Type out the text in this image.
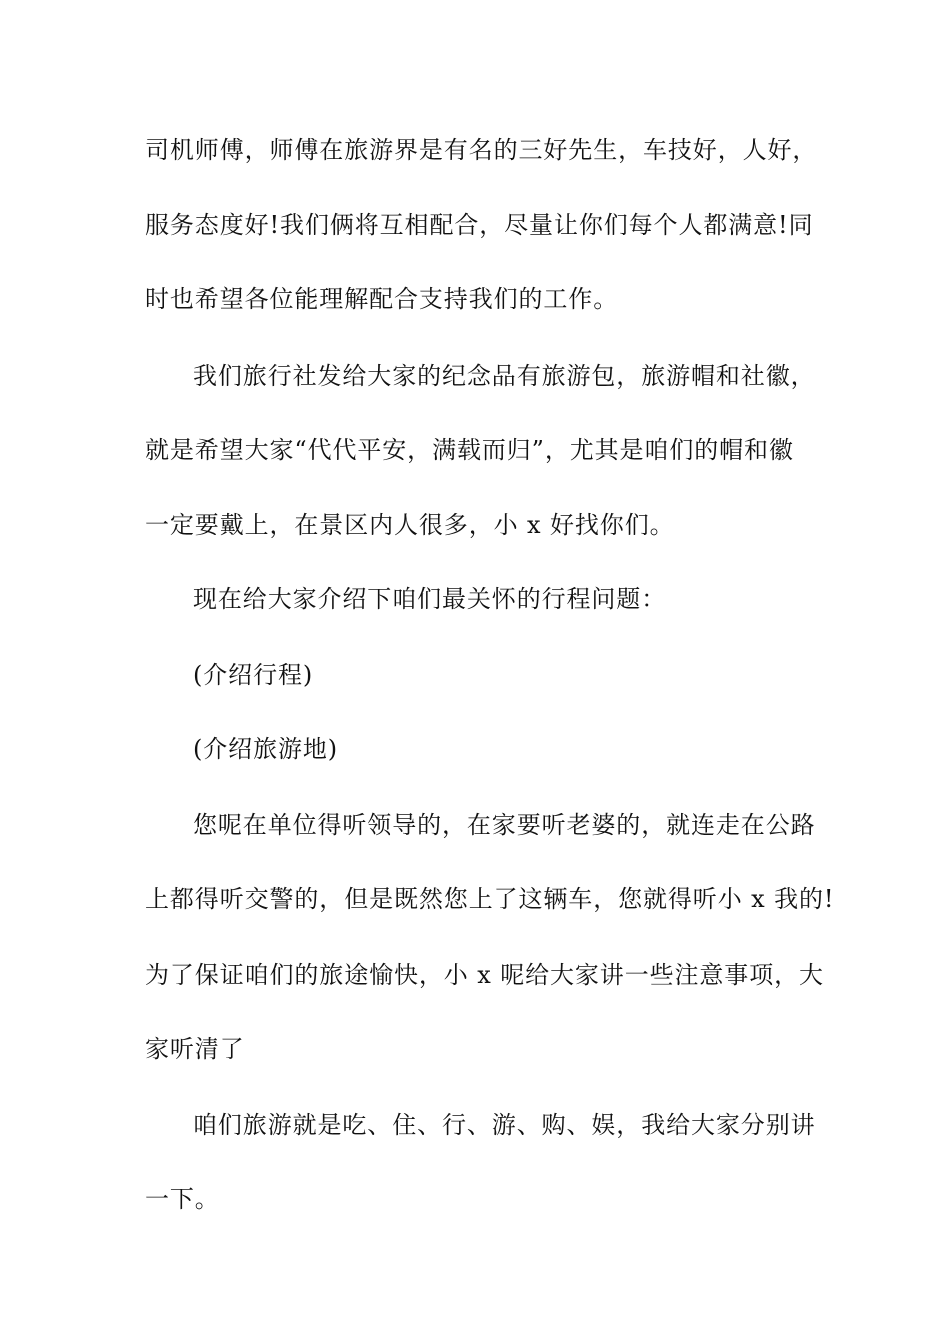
司机师傅，师傅在旅游界是有名的三好先生，车技好，人好，
服务态度好!我们俩将互相配合，尽量让你们每个人都满意!同
时也希望各位能理解配合支持我们的工作。
我们旅行社发给大家的纪念品有旅游包，旅游帽和社徽，
就是希望大家“代代平安，满载而归”，尤其是咱们的帽和徽
一定要戴上，在景区内人很多，小 x 好找你们。
现在给大家介绍下咱们最关怀的行程问题：
(介绍行程)
(介绍旅游地)
您呢在单位得听领导的，在家要听老婆的，就连走在公路
上都得听交警的，但是既然您上了这辆车，您就得听小 x 我的!
为了保证咱们的旅途愉快，小 x 呢给大家讲一些注意事项，大
家听清了
咱们旅游就是吃、住、行、游、购、娱，我给大家分别讲
一下。
